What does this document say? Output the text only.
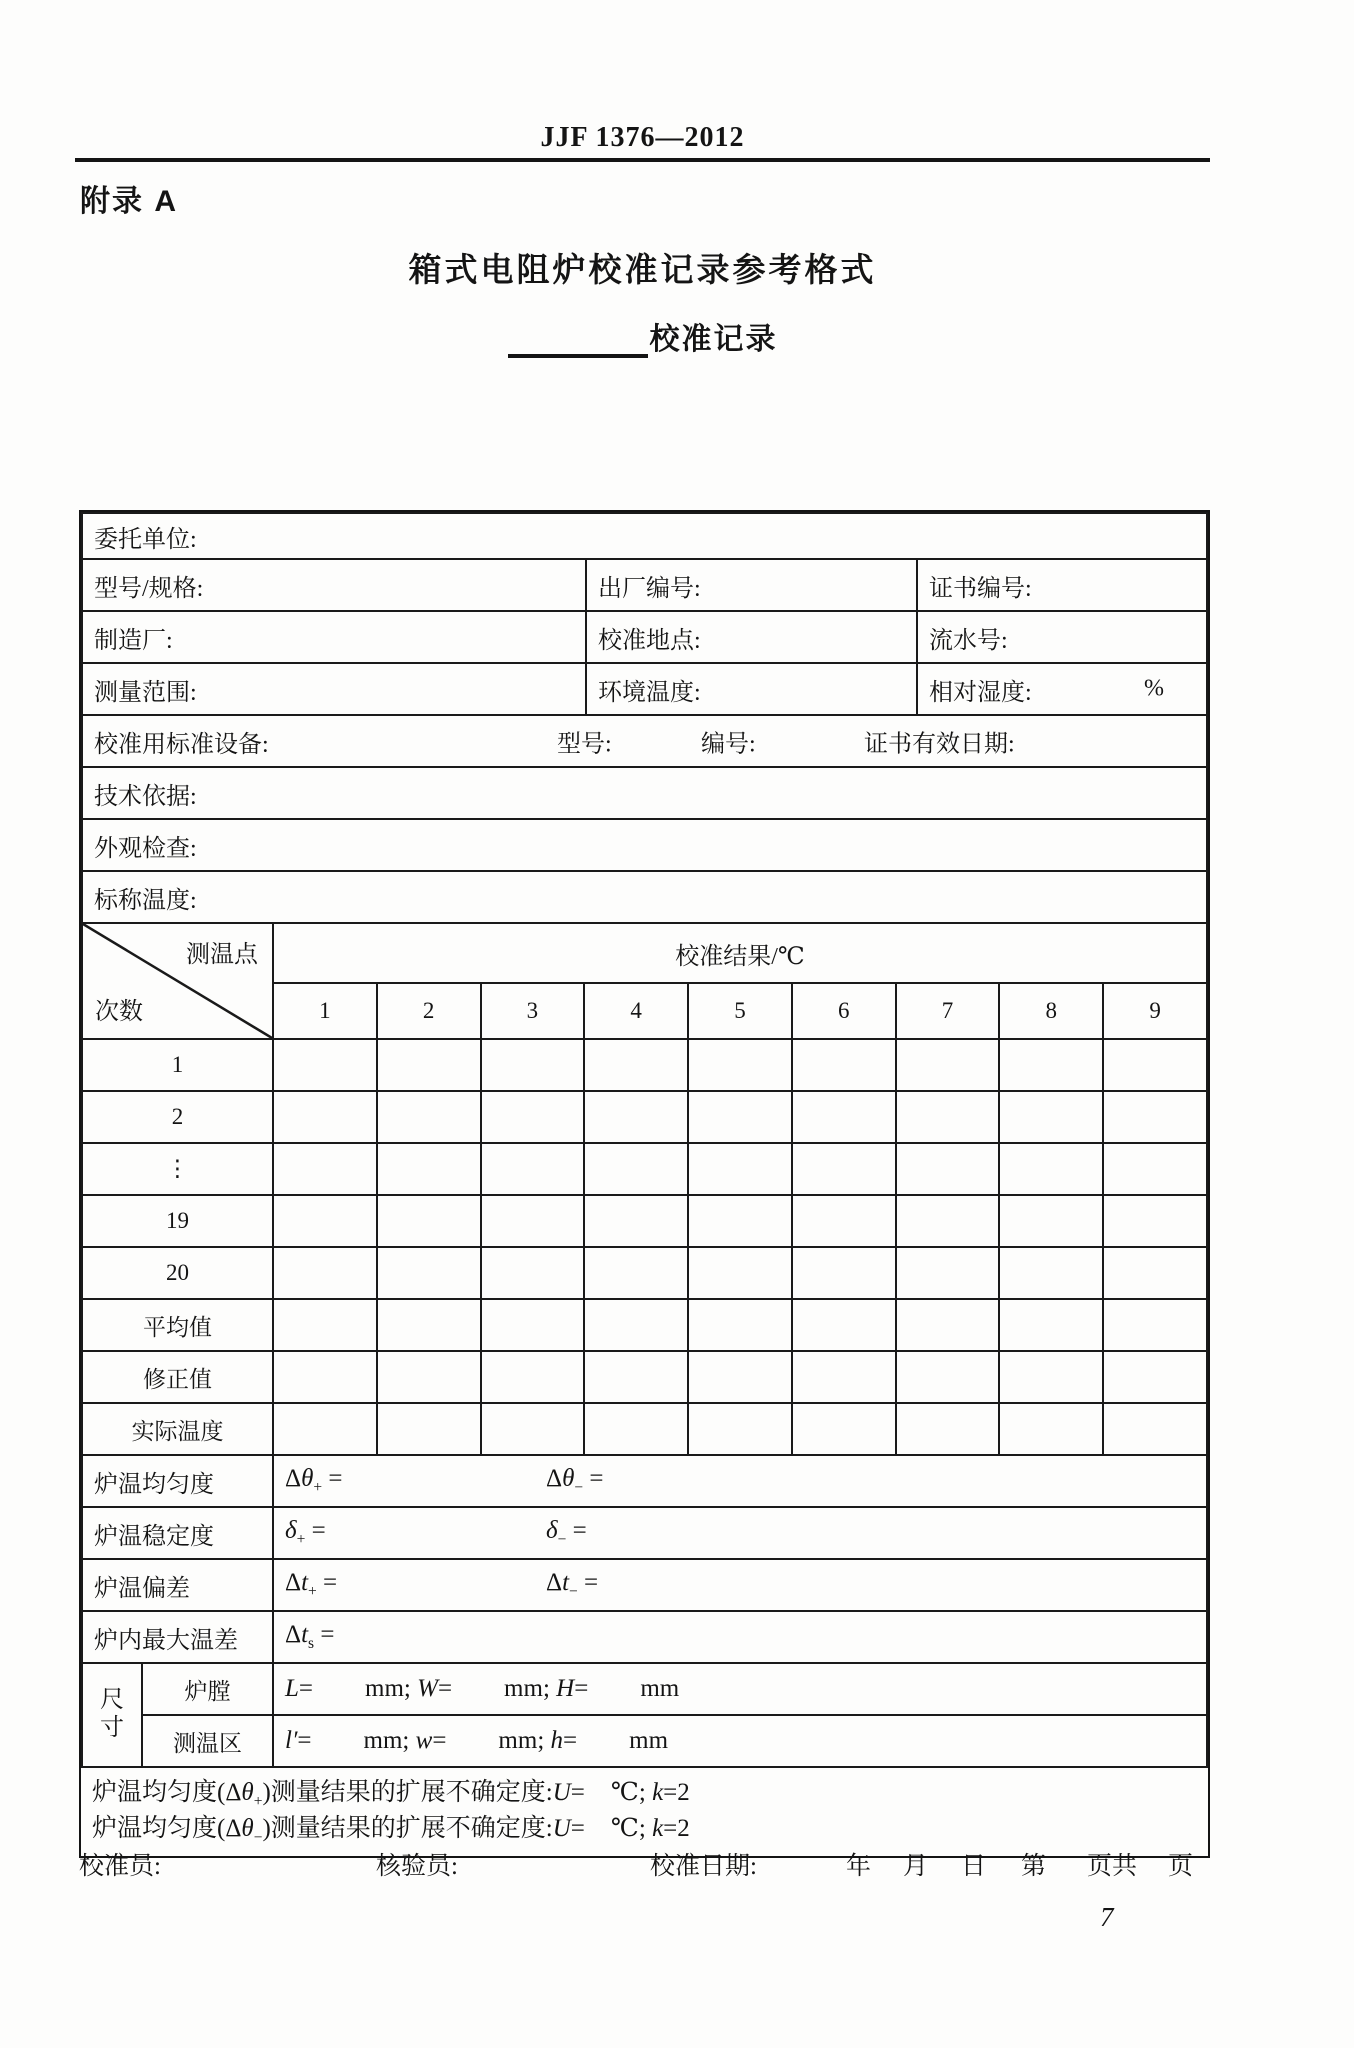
JJF 1376—2012
附录 A
箱式电阻炉校准记录参考格式
校准记录
委托单位:		
型号/规格:	出厂编号:	证书编号:
制造厂:	校准地点:	流水号:
测量范围:	环境温度:	相对湿度: %

校准用标准设备: 型号: 编号: 证书有效日期:		

技术依据:		
外观检查:		
标称温度:		
测温点
次数	校准结果/℃								
	1	2	3	4	5	6	7	8	9
1									
2									
⋮									
19									
20									
平均值									
修正值									
实际温度									
炉温均匀度	$\Delta\theta_+ = \Delta\theta_-$ =

炉温稳定度	$\delta_+ = \delta_-$ =

炉温偏差	$\Delta t_+ = \Delta t_-$ =

炉内最大温差	$\Delta t_s$ =
尺
寸	炉膛	L= mm; W= mm; H= mm
	测温区	l′= mm; w= mm; h= mm
炉温均匀度$(\Delta\theta_+)$测量结果的扩展不确定度:U= ℃; k=2
炉温均匀度$(\Delta\theta_-)$测量结果的扩展不确定度:U= ℃; k=2
校准员:	核验员:	校准日期:	年 月 日 第 页共 页
7
